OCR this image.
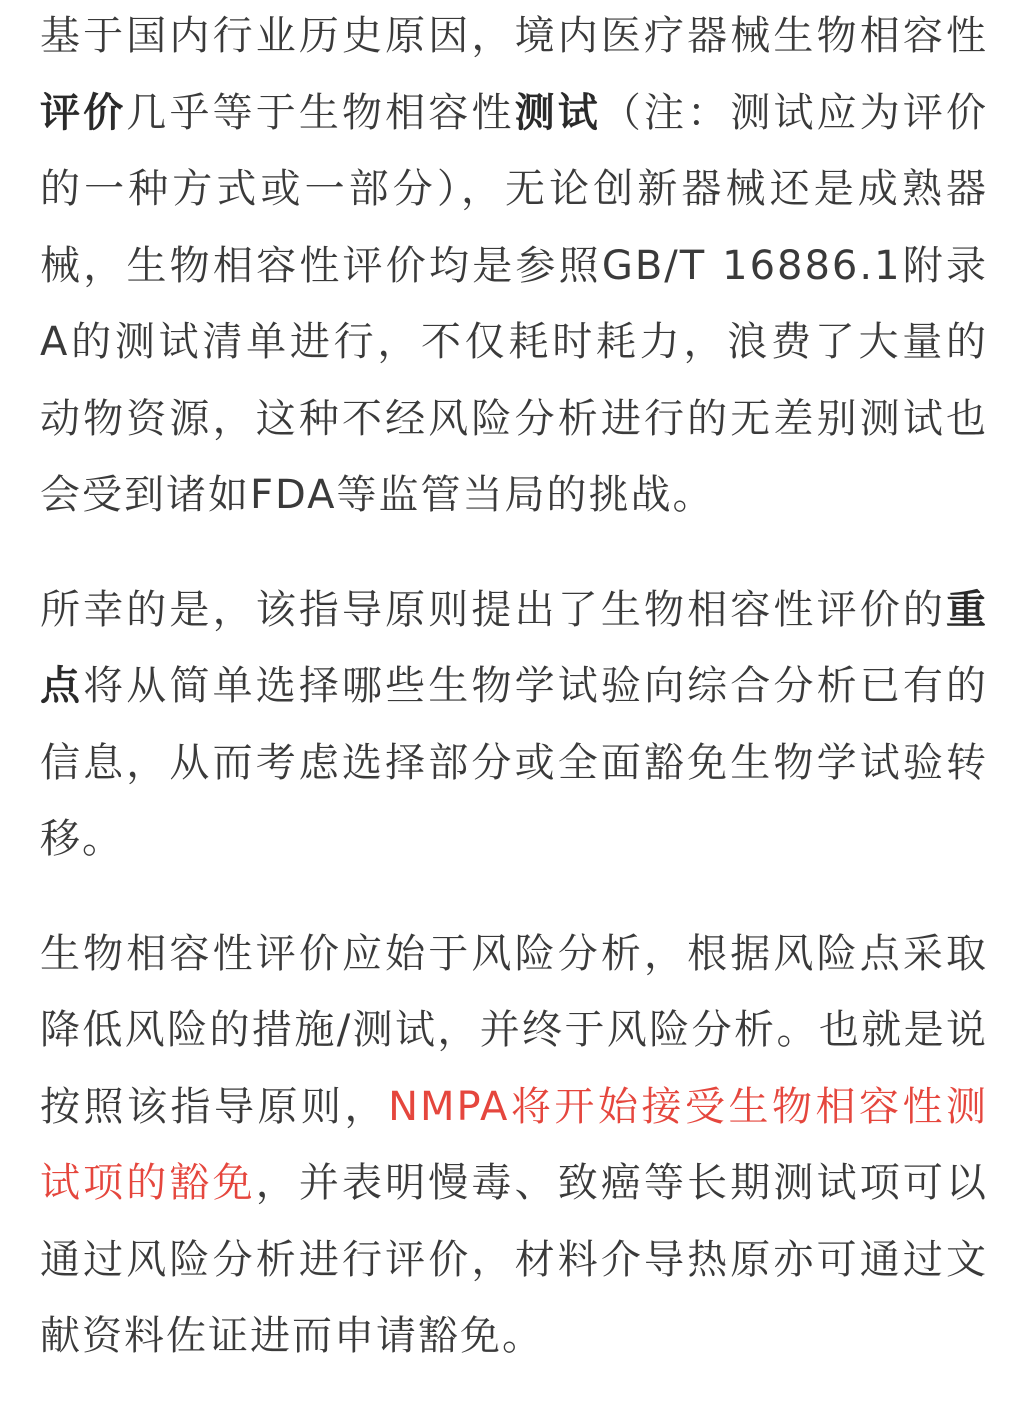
基于国内行业历史原因，境内医疗器械生物相容性评价几乎等于生物相容性测试（注：测试应为评价的一种方式或一部分），无论创新器械还是成熟器械，生物相容性评价均是参照GB/T 16886.1附录A的测试清单进行，不仅耗时耗力，浪费了大量的动物资源，这种不经风险分析进行的无差别测试也会受到诸如FDA等监管当局的挑战。

所幸的是，该指导原则提出了生物相容性评价的重点将从简单选择哪些生物学试验向综合分析已有的信息，从而考虑选择部分或全面豁免生物学试验转移。

生物相容性评价应始于风险分析，根据风险点采取降低风险的措施/测试，并终于风险分析。也就是说按照该指导原则，NMPA将开始接受生物相容性测试项的豁免，并表明慢毒、致癌等长期测试项可以通过风险分析进行评价，材料介导热原亦可通过文献资料佐证进而申请豁免。
